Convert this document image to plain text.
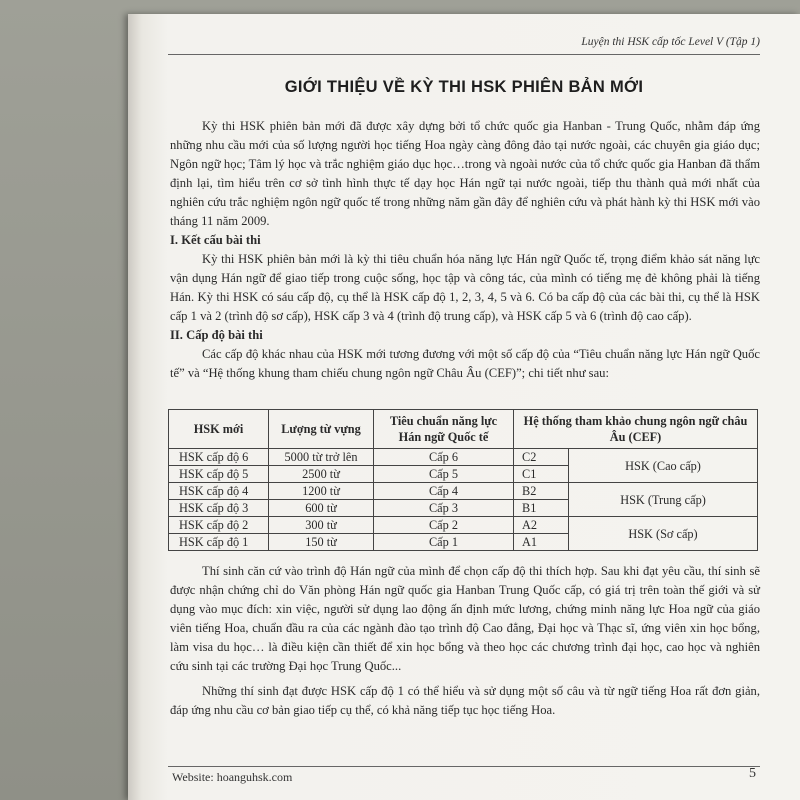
Luyện thi HSK cấp tốc Level V (Tập 1)
GIỚI THIỆU VỀ KỲ THI HSK PHIÊN BẢN MỚI

Kỳ thi HSK phiên bản mới đã được xây dựng bởi tổ chức quốc gia Hanban - Trung Quốc, nhằm đáp ứng những nhu cầu mới của số lượng người học tiếng Hoa ngày càng đông đảo tại nước ngoài, các chuyên gia giáo dục; Ngôn ngữ học; Tâm lý học và trắc nghiệm giáo dục học…trong và ngoài nước của tổ chức quốc gia Hanban đã thẩm định lại, tìm hiểu trên cơ sở tình hình thực tế dạy học Hán ngữ tại nước ngoài, tiếp thu thành quả mới nhất của nghiên cứu trắc nghiệm ngôn ngữ quốc tế trong những năm gần đây để nghiên cứu và phát hành kỳ thi HSK mới vào tháng 11 năm 2009.

I. Kết cấu bài thi

Kỳ thi HSK phiên bản mới là kỳ thi tiêu chuẩn hóa năng lực Hán ngữ Quốc tế, trọng điểm khảo sát năng lực vận dụng Hán ngữ để giao tiếp trong cuộc sống, học tập và công tác, của mình có tiếng mẹ đẻ không phải là tiếng Hán. Kỳ thi HSK có sáu cấp độ, cụ thể là HSK cấp độ 1, 2, 3, 4, 5 và 6. Có ba cấp độ của các bài thi, cụ thể là HSK cấp 1 và 2 (trình độ sơ cấp), HSK cấp 3 và 4 (trình độ trung cấp), và HSK cấp 5 và 6 (trình độ cao cấp).

II. Cấp độ bài thi

Các cấp độ khác nhau của HSK mới tương đương với một số cấp độ của “Tiêu chuẩn năng lực Hán ngữ Quốc tế” và “Hệ thống khung tham chiếu chung ngôn ngữ Châu Âu (CEF)”; chi tiết như sau:

HSK mới	Lượng từ vựng	Tiêu chuẩn năng lực Hán ngữ Quốc tế	Hệ thống tham khảo chung ngôn ngữ châu Âu (CEF)	
HSK cấp độ 6	5000 từ trở lên	Cấp 6	C2	HSK (Cao cấp)
HSK cấp độ 5	2500 từ	Cấp 5	C1	
HSK cấp độ 4	1200 từ	Cấp 4	B2	HSK (Trung cấp)
HSK cấp độ 3	600 từ	Cấp 3	B1	
HSK cấp độ 2	300 từ	Cấp 2	A2	HSK (Sơ cấp)
HSK cấp độ 1	150 từ	Cấp 1	A1	

Thí sinh căn cứ vào trình độ Hán ngữ của mình để chọn cấp độ thi thích hợp. Sau khi đạt yêu cầu, thí sinh sẽ được nhận chứng chỉ do Văn phòng Hán ngữ quốc gia Hanban Trung Quốc cấp, có giá trị trên toàn thế giới và sử dụng vào mục đích: xin việc, người sử dụng lao động ấn định mức lương, chứng minh năng lực Hoa ngữ của giáo viên tiếng Hoa, chuẩn đầu ra của các ngành đào tạo trình độ Cao đẳng, Đại học và Thạc sĩ, ứng viên xin học bổng, làm visa du học… là điều kiện cần thiết để xin học bổng và theo học các chương trình đại học, cao học và nghiên cứu sinh tại các trường Đại học Trung Quốc...

Những thí sinh đạt được HSK cấp độ 1 có thể hiểu và sử dụng một số câu và từ ngữ tiếng Hoa rất đơn giản, đáp ứng nhu cầu cơ bản giao tiếp cụ thể, có khả năng tiếp tục học tiếng Hoa.

Website: hoanguhsk.com	5
